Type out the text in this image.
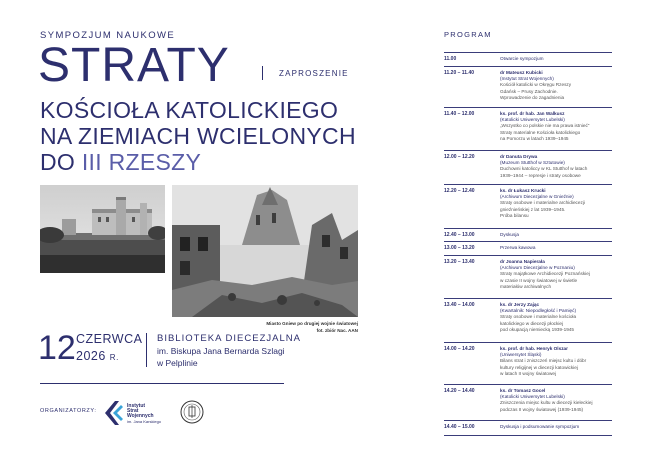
SYMPOZJUM NAUKOWE
STRATY	ZAPROSZENIE
KOŚCIOŁA KATOLICKIEGO
NA ZIEMIACH WCIELONYCH
DO III RZESZY
Miasto Gniew po drugiej wojnie światowej
fot. zbiór Nac. AAN
12 CZERWCA
2026 R.
BIBLIOTEKA DIECEZJALNA
im. Biskupa Jana Bernarda Szlagi
w Pelplinie
ORGANIZATORZY:
Instytut
Strat
Wojennych
im. Jana Karskiego
PROGRAM
11.00	Otwarcie sympozjum
11.20 – 11.40	dr Mateusz Kubicki
(Instytut Strat Wojennych)
Kościół katolicki w Okręgu Rzeszy
Gdańsk – Prusy Zachodnie.
Wprowadzenie do zagadnienia
11.40 – 12.00	ks. prof. dr hab. Jan Walkusz
(Katolicki Uniwersytet Lubelski)
„Wszystko co polskie nie ma prawa istnieć"
Straty materialne Kościoła katolickiego
na Pomorzu w latach 1939–1945
12.00 – 12.20	dr Danuta Drywa
(Muzeum Stutthof w Sztutowie)
Duchowni katoliccy w KL Stutthof w latach
1939–1944 – represje i straty osobowe
12.20 – 12.40	ks. dr Łukasz Krucki
(Archiwum Diecezjalne w Gnieźnie)
Straty osobowe i materialne archidiecezji
gnieźnieńskiej z lat 1939–1945.
Próba bilansu
12.40 – 13.00	Dyskusja
13.00 – 13.20	Przerwa kawowa
13.20 – 13.40	dr Joanna Napierała
(Archiwum Diecezjalne w Poznaniu)
Straty majątkowe Archidiecezji Poznańskiej
w czasie II wojny światowej w świetle
materiałów archiwalnych
13.40 – 14.00	ks. dr Jerzy Zając
(Kwartalnik: Niepodległość i Pamięć)
Straty osobowe i materialne kościoła
katolickiego w diecezji płockiej
pod okupacją niemiecką 1939-1945
14.00 – 14.20	ks. prof. dr hab. Henryk Olszar
(Uniwersytet Śląski)
Bilans strat i zniszczeń miejsc kultu i dóbr
kultury religijnej w diecezji katowickiej
w latach II wojny światowej
14.20 – 14.40	ks. dr Tomasz Gocel
(Katolicki Uniwersytet Lubelski)
Zniszczenia miejsc kultu w diecezji kieleckiej
podczas II wojny światowej (1939-1945)
14.40 – 15.00	Dyskusja i podsumowanie sympozjum
